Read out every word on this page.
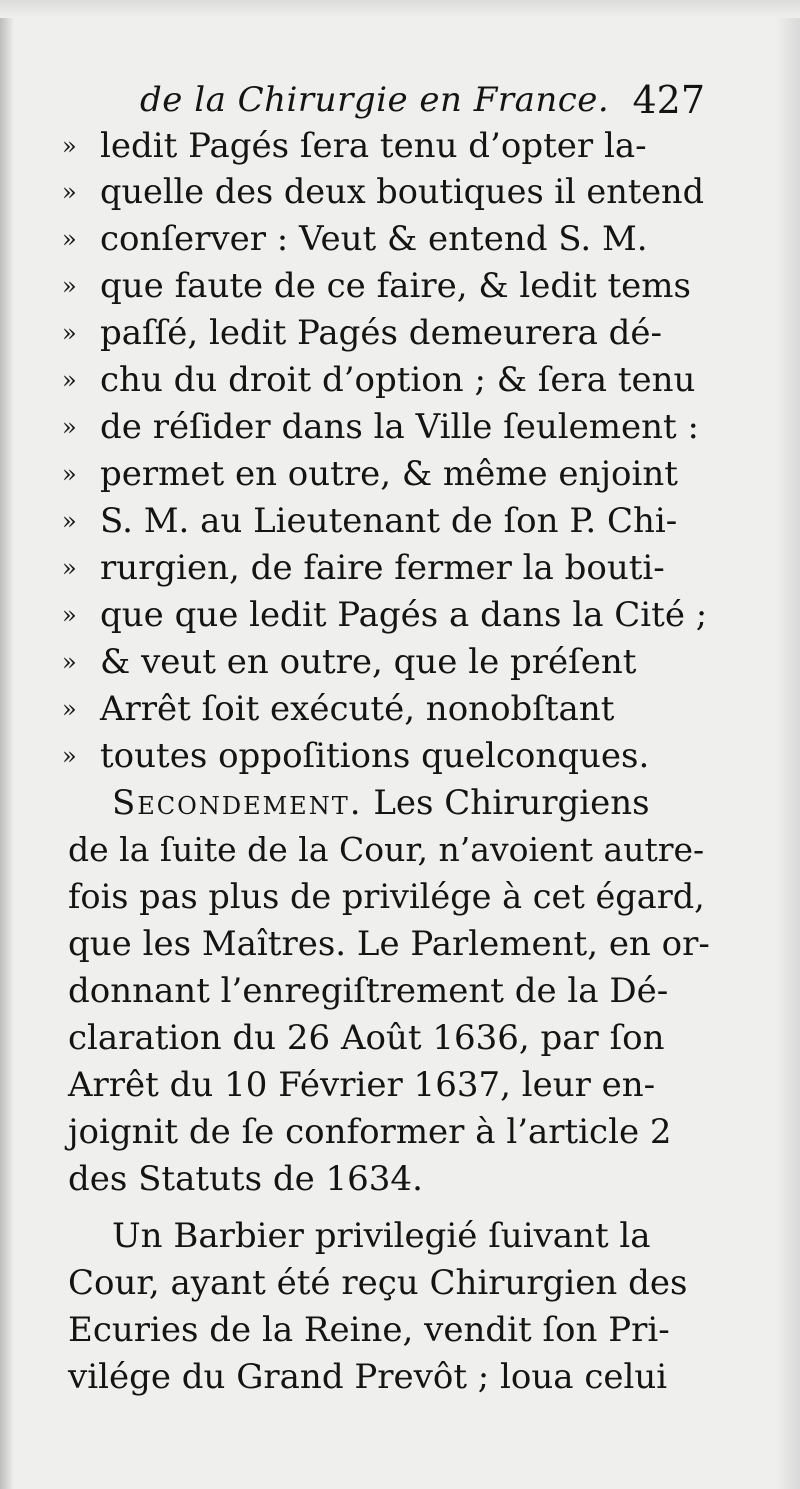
de la Chirurgie en France. 427
» ledit Pagés ſera tenu d’opter la-
» quelle des deux boutiques il entend
» conſerver : Veut & entend S. M.
» que faute de ce faire, & ledit tems
» paſſé, ledit Pagés demeurera dé-
» chu du droit d’option ; & ſera tenu
» de réſider dans la Ville ſeulement :
» permet en outre, & même enjoint
» S. M. au Lieutenant de ſon P. Chi-
» rurgien, de faire fermer la bouti-
» que que ledit Pagés a dans la Cité ;
» & veut en outre, que le préſent
» Arrêt ſoit exécuté, nonobſtant
» toutes oppoſitions quelconques.
Secondement. Les Chirurgiens
de la ſuite de la Cour, n’avoient autre-
fois pas plus de privilége à cet égard,
que les Maîtres. Le Parlement, en or-
donnant l’enregiſtrement de la Dé-
claration du 26 Août 1636, par ſon
Arrêt du 10 Février 1637, leur en-
joignit de ſe conformer à l’article 2
des Statuts de 1634.
Un Barbier privilegié ſuivant la
Cour, ayant été reçu Chirurgien des
Ecuries de la Reine, vendit ſon Pri-
vilége du Grand Prevôt ; loua celui
